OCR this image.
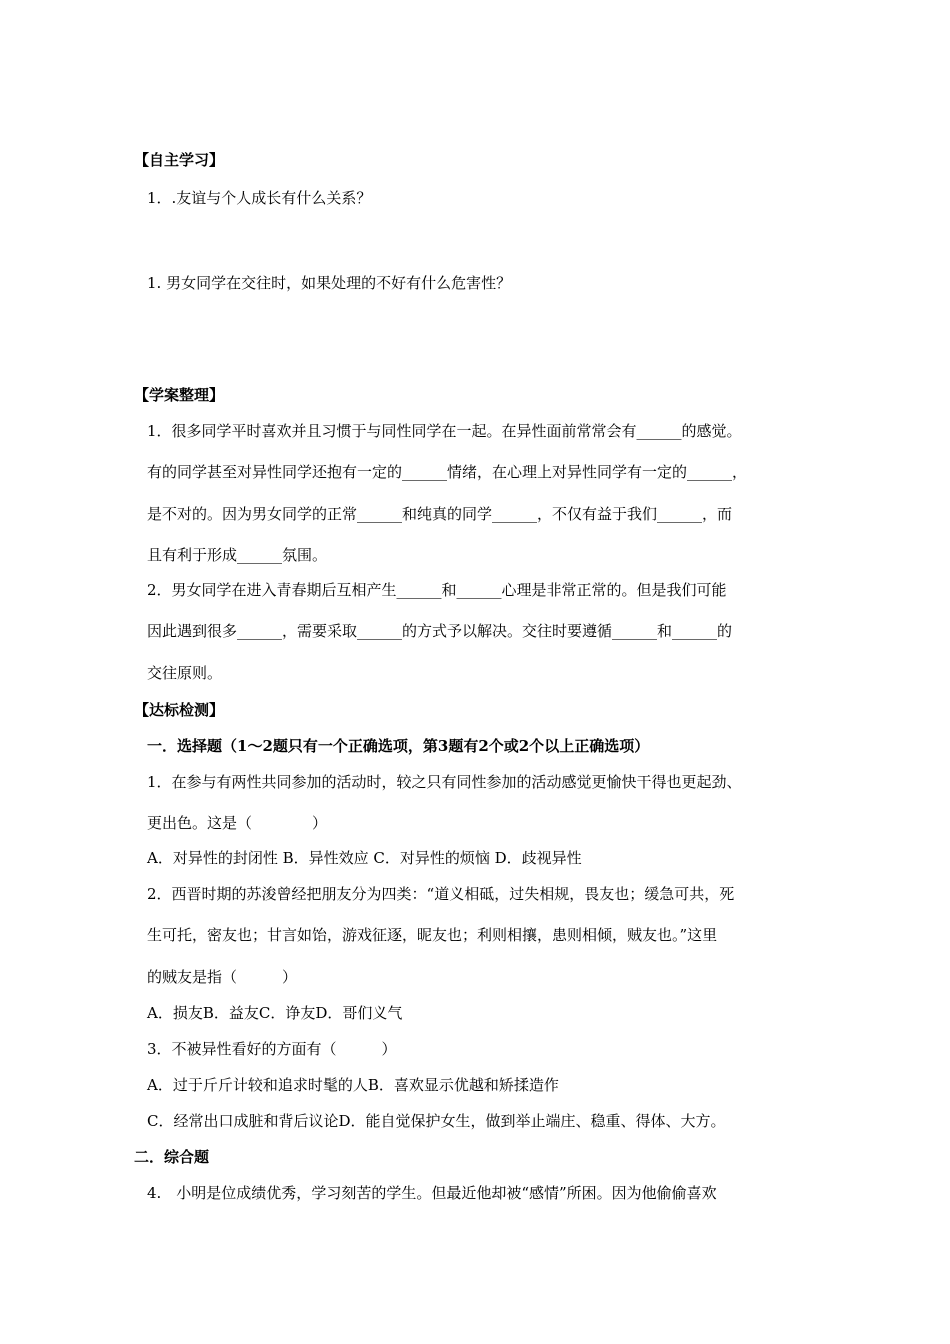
【自主学习】
1．.友谊与个人成长有什么关系？
1. 男女同学在交往时，如果处理的不好有什么危害性？
【学案整理】
1．很多同学平时喜欢并且习惯于与同性同学在一起。在异性面前常常会有______的感觉。
有的同学甚至对异性同学还抱有一定的______情绪，在心理上对异性同学有一定的______，
是不对的。因为男女同学的正常______和纯真的同学______，不仅有益于我们______，而
且有利于形成______氛围。
2．男女同学在进入青春期后互相产生______和______心理是非常正常的。但是我们可能
因此遇到很多______，需要采取______的方式予以解决。交往时要遵循______和______的
交往原则。
【达标检测】
一．选择题（1～2题只有一个正确选项，第3题有2个或2个以上正确选项）
1．在参与有两性共同参加的活动时，较之只有同性参加的活动感觉更愉快干得也更起劲、
更出色。这是（　　　　）
A．对异性的封闭性 B．异性效应 C．对异性的烦恼 D．歧视异性
2．西晋时期的苏浚曾经把朋友分为四类：“道义相砥，过失相规，畏友也；缓急可共，死
生可托，密友也；甘言如饴，游戏征逐，昵友也；利则相攘，患则相倾，贼友也。”这里
的贼友是指（　　　）
A．损友B．益友C．诤友D．哥们义气
3．不被异性看好的方面有（　　　）
A．过于斤斤计较和追求时髦的人B．喜欢显示优越和矫揉造作
C．经常出口成脏和背后议论D．能自觉保护女生，做到举止端庄、稳重、得体、大方。
二．综合题
4.　小明是位成绩优秀，学习刻苦的学生。但最近他却被“感情”所困。因为他偷偷喜欢
